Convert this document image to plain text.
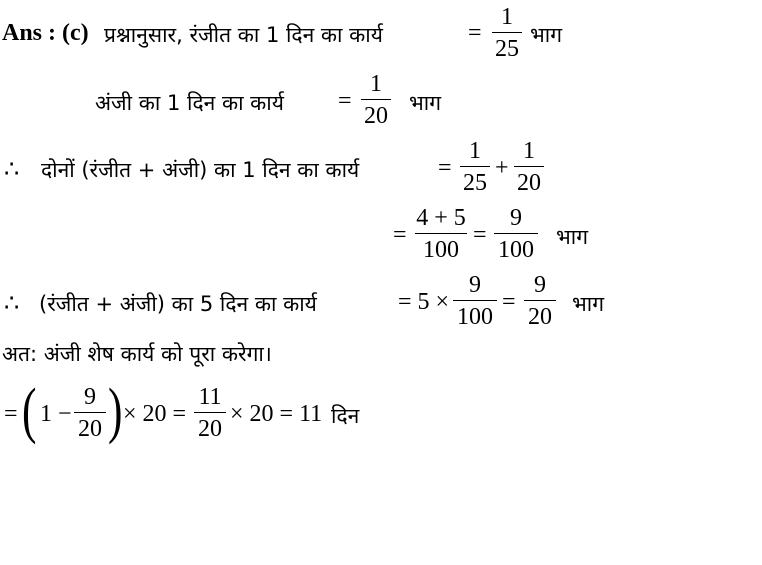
Ans : (c) प्रश्नानुसार, रंजीत का 1 दिन का कार्य	=
1
25
भाग
अंजी का 1 दिन का कार्य =
1
20
भाग
∴ दोनों (रंजीत + अंजी) का 1 दिन का कार्य	=
1
25
+
1
20
=
4 + 5
100
=
9
100
भाग
∴ (रंजीत + अंजी) का 5 दिन का कार्य	= 5 ×
9
100
=
9
20
भाग
अत: अंजी शेष कार्य को पूरा करेगा।
= ( 1 −
9
20 ) × 20 =
11
20
× 20 = 11 दिन
